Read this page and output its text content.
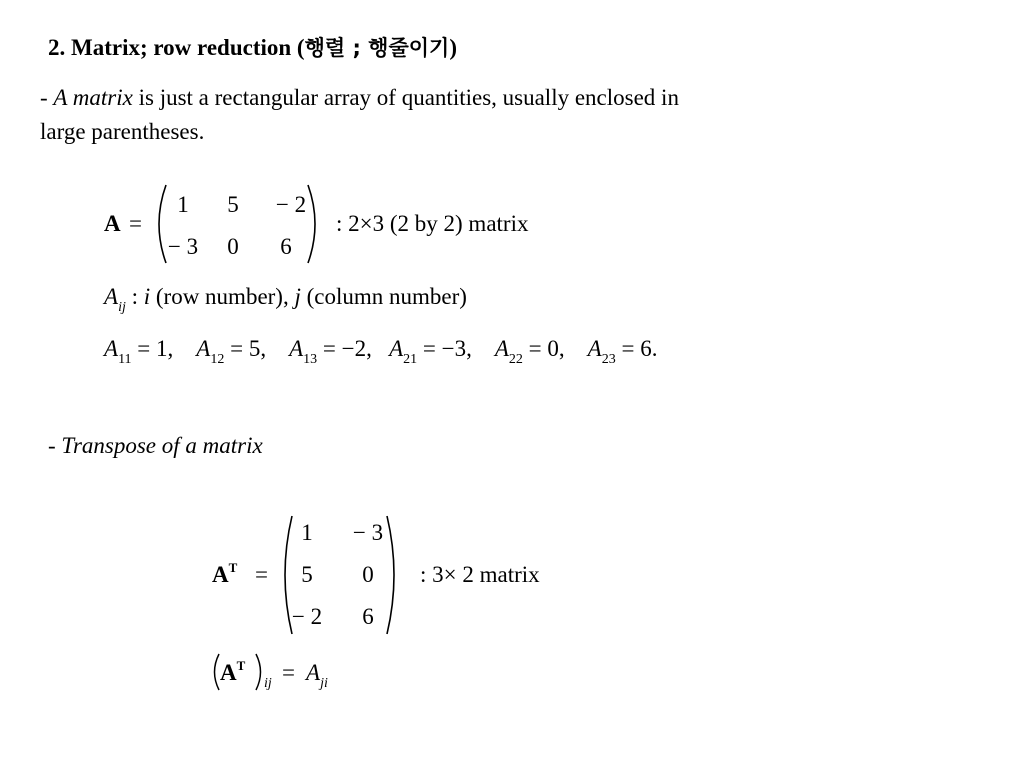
2. Matrix; row reduction (행렬 ; 행줄이기)
- A matrix is just a rectangular array of quantities, usually enclosed in
large parentheses.
A =
1	5	− 2
− 3	0	6
: 2×3 (2 by 2) matrix
$A_{ij}$ : i (row number), j (column number)
$A_{11} = 1$, $A_{12} = 5$, $A_{13} = -2$, $A_{21} = -3$, $A_{22} = 0$, $A_{23} = 6$.
- Transpose of a matrix
$A^T$ =
1	− 3
5	0
− 2	6
: 3× 2 matrix
$A^T$
ij = $A_{ji}$
